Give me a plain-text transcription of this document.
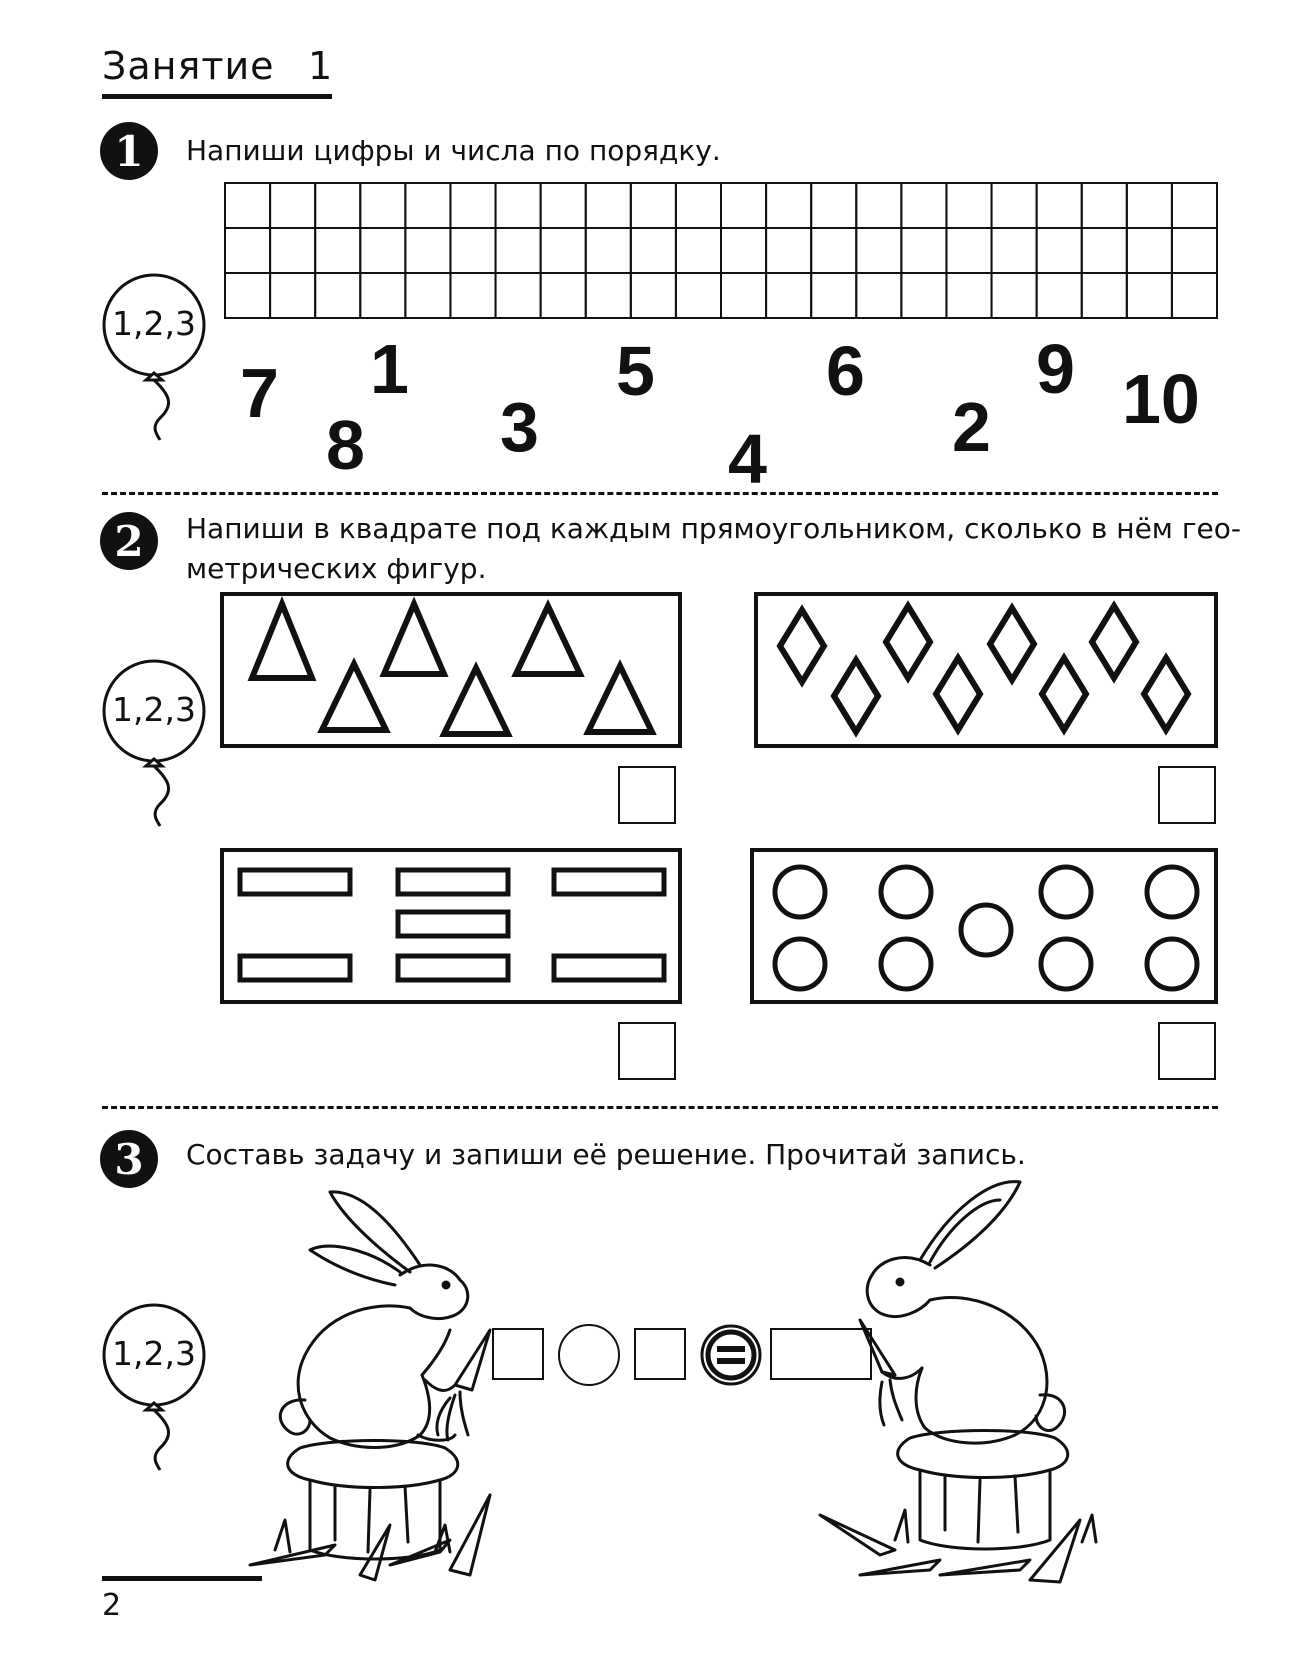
Занятие 1
1	Напиши цифры и числа по порядку.
1,2,3
7
8
1
3
5
4
6
2
9 10
2	Напиши в квадрате под каждым прямоугольником, сколько в нём гео-
метрических фигур.
1,2,3
3	Составь задачу и запиши её решение. Прочитай запись.
1,2,3
2
